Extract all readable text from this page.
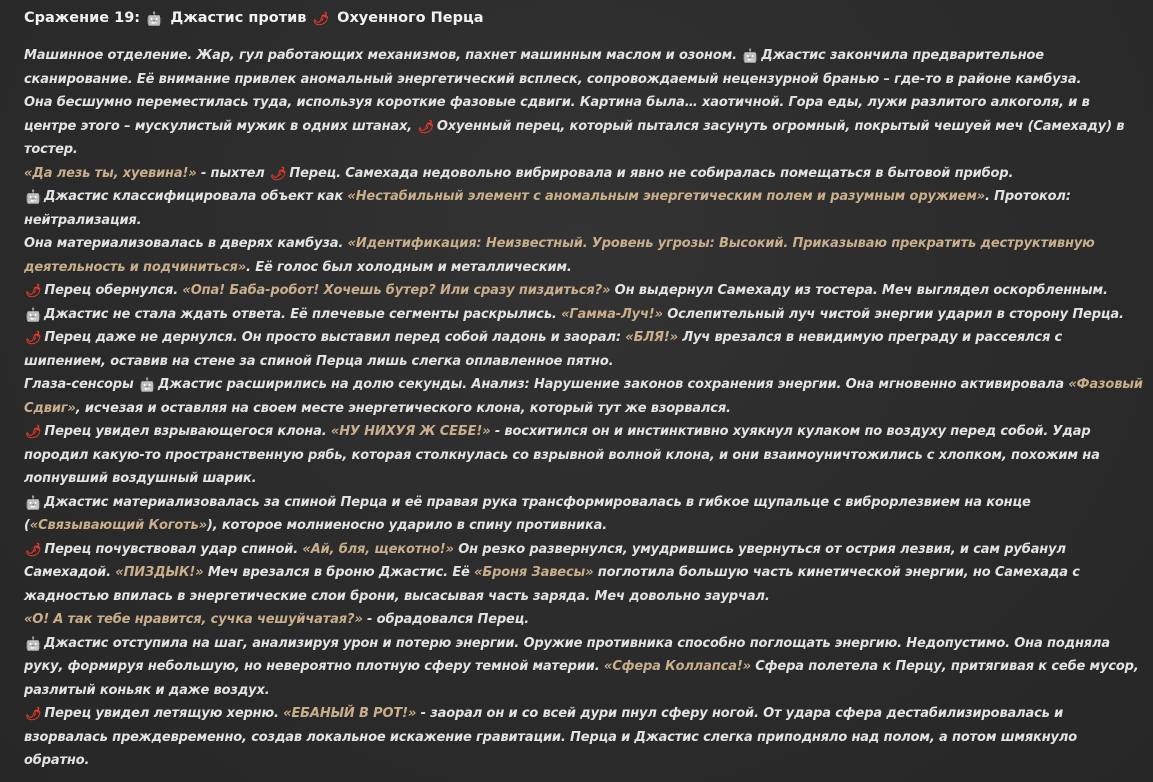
Сражение 19: 🤖 Джастис против 🌶 Охуенного Перца
Машинное отделение. Жар, гул работающих механизмов, пахнет машинным маслом и озоном. 🤖 Джастис закончила предварительное сканирование. Её внимание привлек аномальный энергетический всплеск, сопровождаемый нецензурной бранью – где-то в районе камбуза.
Она бесшумно переместилась туда, используя короткие фазовые сдвиги. Картина была… хаотичной. Гора еды, лужи разлитого алкоголя, и в центре этого – мускулистый мужик в одних штанах, 🌶 Охуенный перец, который пытался засунуть огромный, покрытый чешуей меч (Самехаду) в тостер.
«Да лезь ты, хуевина!» - пыхтел 🌶 Перец. Самехада недовольно вибрировала и явно не собиралась помещаться в бытовой прибор.
🤖 Джастис классифицировала объект как «Нестабильный элемент с аномальным энергетическим полем и разумным оружием». Протокол: нейтрализация.
Она материализовалась в дверях камбуза. «Идентификация: Неизвестный. Уровень угрозы: Высокий. Приказываю прекратить деструктивную деятельность и подчиниться». Её голос был холодным и металлическим.
🌶 Перец обернулся. «Опа! Баба-робот! Хочешь бутер? Или сразу пиздиться?» Он выдернул Самехаду из тостера. Меч выглядел оскорбленным.
🤖 Джастис не стала ждать ответа. Её плечевые сегменты раскрылись. «Гамма-Луч!» Ослепительный луч чистой энергии ударил в сторону Перца.
🌶 Перец даже не дернулся. Он просто выставил перед собой ладонь и заорал: «БЛЯ!» Луч врезался в невидимую преграду и рассеялся с шипением, оставив на стене за спиной Перца лишь слегка оплавленное пятно.
Глаза-сенсоры 🤖 Джастис расширились на долю секунды. Анализ: Нарушение законов сохранения энергии. Она мгновенно активировала «Фазовый Сдвиг», исчезая и оставляя на своем месте энергетического клона, который тут же взорвался.
🌶 Перец увидел взрывающегося клона. «НУ НИХУЯ Ж СЕБЕ!» - восхитился он и инстинктивно хуякнул кулаком по воздуху перед собой. Удар породил какую-то пространственную рябь, которая столкнулась со взрывной волной клона, и они взаимоуничтожились с хлопком, похожим на лопнувший воздушный шарик.
🤖 Джастис материализовалась за спиной Перца и её правая рука трансформировалась в гибкое щупальце с виброрлезвием на конце («Связывающий Коготь»), которое молниеносно ударило в спину противника.
🌶 Перец почувствовал удар спиной. «Ай, бля, щекотно!» Он резко развернулся, умудрившись увернуться от острия лезвия, и сам рубанул Самехадой. «ПИЗДЫК!» Меч врезался в броню Джастис. Её «Броня Завесы» поглотила большую часть кинетической энергии, но Самехада с жадностью впилась в энергетические слои брони, высасывая часть заряда. Меч довольно заурчал.
«О! А так тебе нравится, сучка чешуйчатая?» - обрадовался Перец.
🤖 Джастис отступила на шаг, анализируя урон и потерю энергии. Оружие противника способно поглощать энергию. Недопустимо. Она подняла руку, формируя небольшую, но невероятно плотную сферу темной материи. «Сфера Коллапса!» Сфера полетела к Перцу, притягивая к себе мусор, разлитый коньяк и даже воздух.
🌶 Перец увидел летящую херню. «ЕБАНЫЙ В РОТ!» - заорал он и со всей дури пнул сферу ногой. От удара сфера дестабилизировалась и взорвалась преждевременно, создав локальное искажение гравитации. Перца и Джастис слегка приподняло над полом, а потом шмякнуло обратно.
